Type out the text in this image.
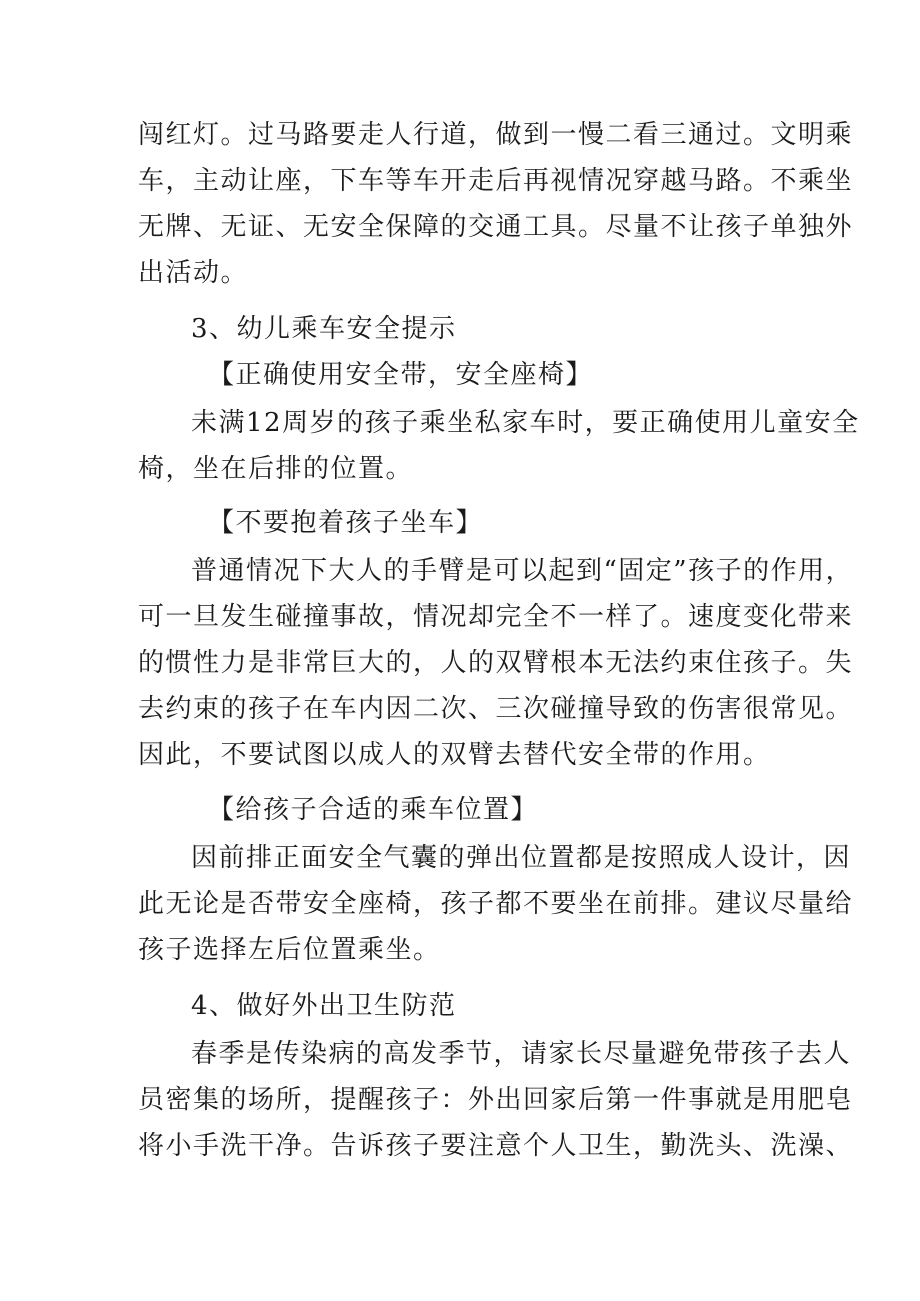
闯红灯。过马路要走人行道，做到一慢二看三通过。文明乘
车，主动让座，下车等车开走后再视情况穿越马路。不乘坐
无牌、无证、无安全保障的交通工具。尽量不让孩子单独外
出活动。
3、幼儿乘车安全提示
【正确使用安全带，安全座椅】
未满12周岁的孩子乘坐私家车时，要正确使用儿童安全
椅，坐在后排的位置。
【不要抱着孩子坐车】
普通情况下大人的手臂是可以起到“固定”孩子的作用，
可一旦发生碰撞事故，情况却完全不一样了。速度变化带来
的惯性力是非常巨大的，人的双臂根本无法约束住孩子。失
去约束的孩子在车内因二次、三次碰撞导致的伤害很常见。
因此，不要试图以成人的双臂去替代安全带的作用。
【给孩子合适的乘车位置】
因前排正面安全气囊的弹出位置都是按照成人设计，因
此无论是否带安全座椅，孩子都不要坐在前排。建议尽量给
孩子选择左后位置乘坐。
4、做好外出卫生防范
春季是传染病的高发季节，请家长尽量避免带孩子去人
员密集的场所，提醒孩子：外出回家后第一件事就是用肥皂
将小手洗干净。告诉孩子要注意个人卫生，勤洗头、洗澡、
